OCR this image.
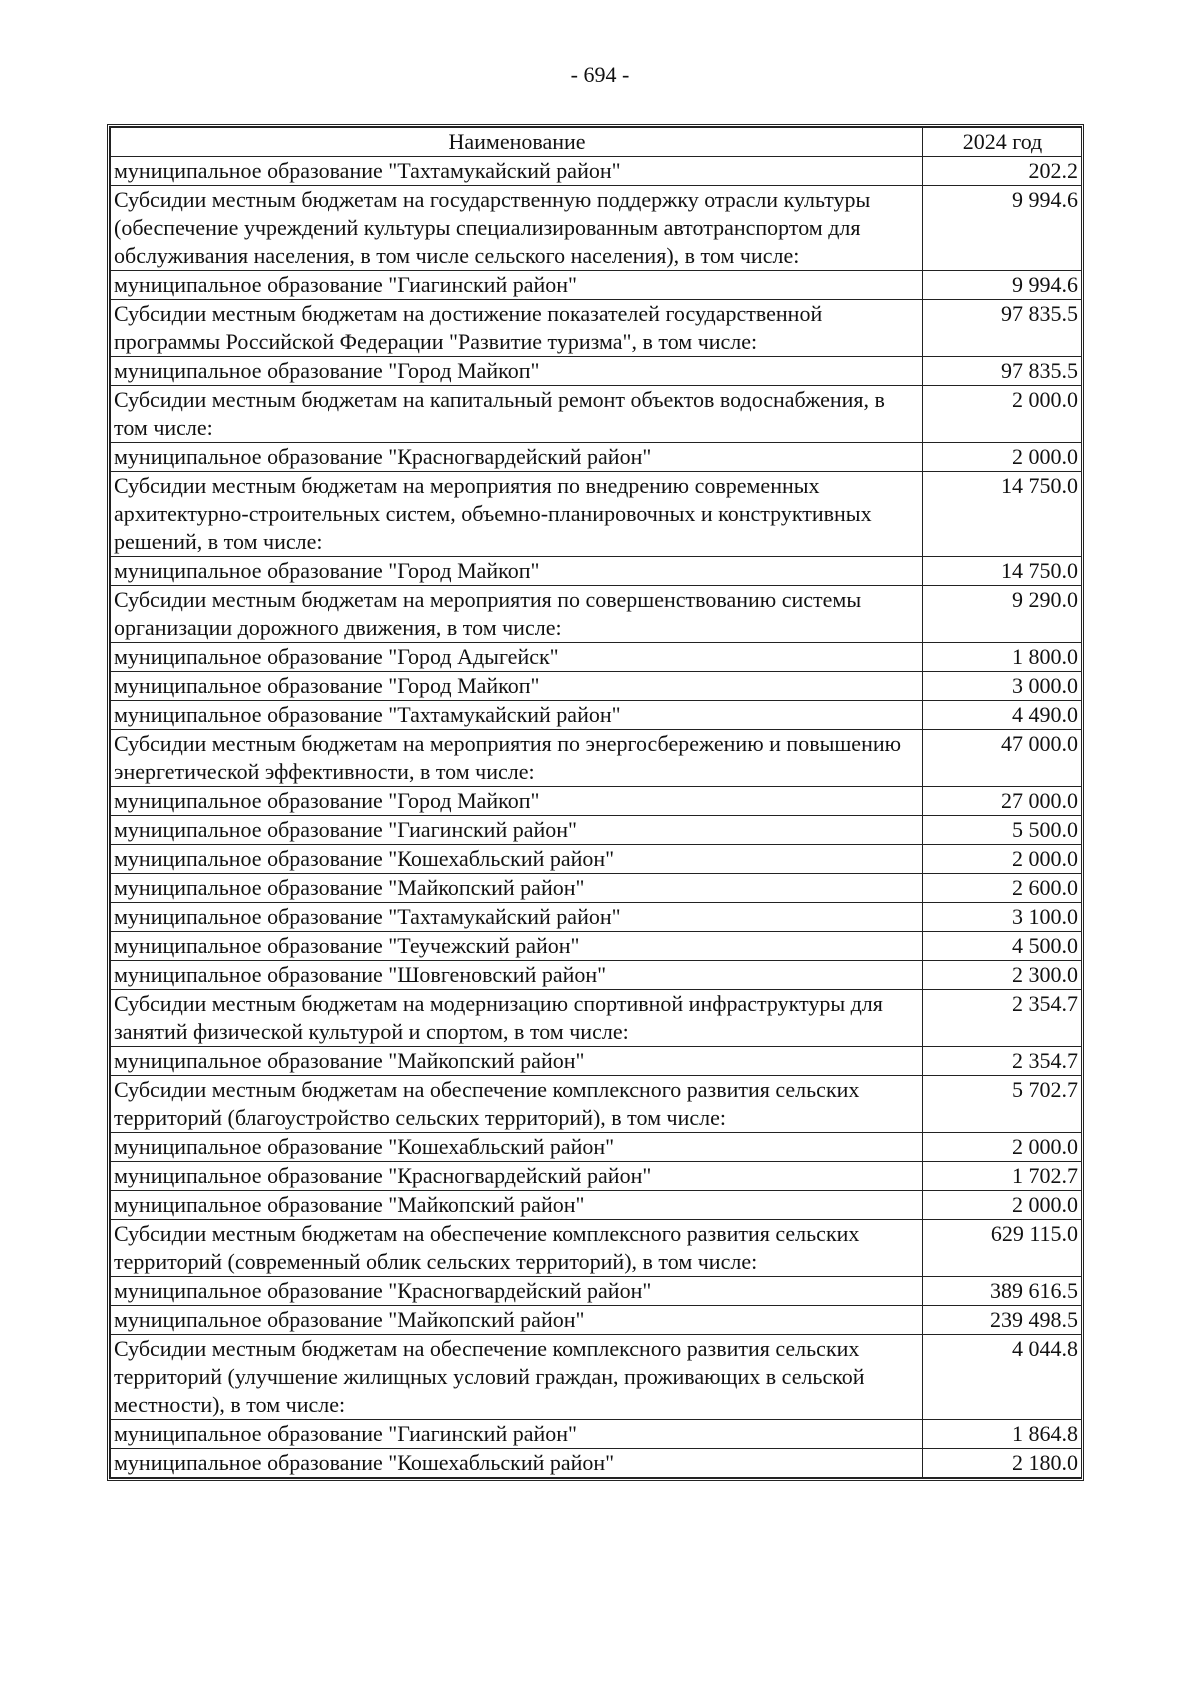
- 694 -
Наименование	2024 год
муниципальное образование "Тахтамукайский район"	202.2
Субсидии местным бюджетам на государственную поддержку отрасли культуры (обеспечение учреждений культуры специализированным автотранспортом для обслуживания населения, в том числе сельского населения), в том числе:	9 994.6
муниципальное образование "Гиагинский район"	9 994.6
Субсидии местным бюджетам на достижение показателей государственной программы Российской Федерации "Развитие туризма", в том числе:	97 835.5
муниципальное образование "Город Майкоп"	97 835.5
Субсидии местным бюджетам на капитальный ремонт объектов водоснабжения, в том числе:	2 000.0
муниципальное образование "Красногвардейский район"	2 000.0
Субсидии местным бюджетам на мероприятия по внедрению современных архитектурно-строительных систем, объемно-планировочных и конструктивных решений, в том числе:	14 750.0
муниципальное образование "Город Майкоп"	14 750.0
Субсидии местным бюджетам на мероприятия по совершенствованию системы организации дорожного движения, в том числе:	9 290.0
муниципальное образование "Город Адыгейск"	1 800.0
муниципальное образование "Город Майкоп"	3 000.0
муниципальное образование "Тахтамукайский район"	4 490.0
Субсидии местным бюджетам на мероприятия по энергосбережению и повышению энергетической эффективности, в том числе:	47 000.0
муниципальное образование "Город Майкоп"	27 000.0
муниципальное образование "Гиагинский район"	5 500.0
муниципальное образование "Кошехабльский район"	2 000.0
муниципальное образование "Майкопский район"	2 600.0
муниципальное образование "Тахтамукайский район"	3 100.0
муниципальное образование "Теучежский район"	4 500.0
муниципальное образование "Шовгеновский район"	2 300.0
Субсидии местным бюджетам на модернизацию спортивной инфраструктуры для занятий физической культурой и спортом, в том числе:	2 354.7
муниципальное образование "Майкопский район"	2 354.7
Субсидии местным бюджетам на обеспечение комплексного развития сельских территорий (благоустройство сельских территорий), в том числе:	5 702.7
муниципальное образование "Кошехабльский район"	2 000.0
муниципальное образование "Красногвардейский район"	1 702.7
муниципальное образование "Майкопский район"	2 000.0
Субсидии местным бюджетам на обеспечение комплексного развития сельских территорий (современный облик сельских территорий), в том числе:	629 115.0
муниципальное образование "Красногвардейский район"	389 616.5
муниципальное образование "Майкопский район"	239 498.5
Субсидии местным бюджетам на обеспечение комплексного развития сельских территорий (улучшение жилищных условий граждан, проживающих в сельской местности), в том числе:	4 044.8
муниципальное образование "Гиагинский район"	1 864.8
муниципальное образование "Кошехабльский район"	2 180.0
